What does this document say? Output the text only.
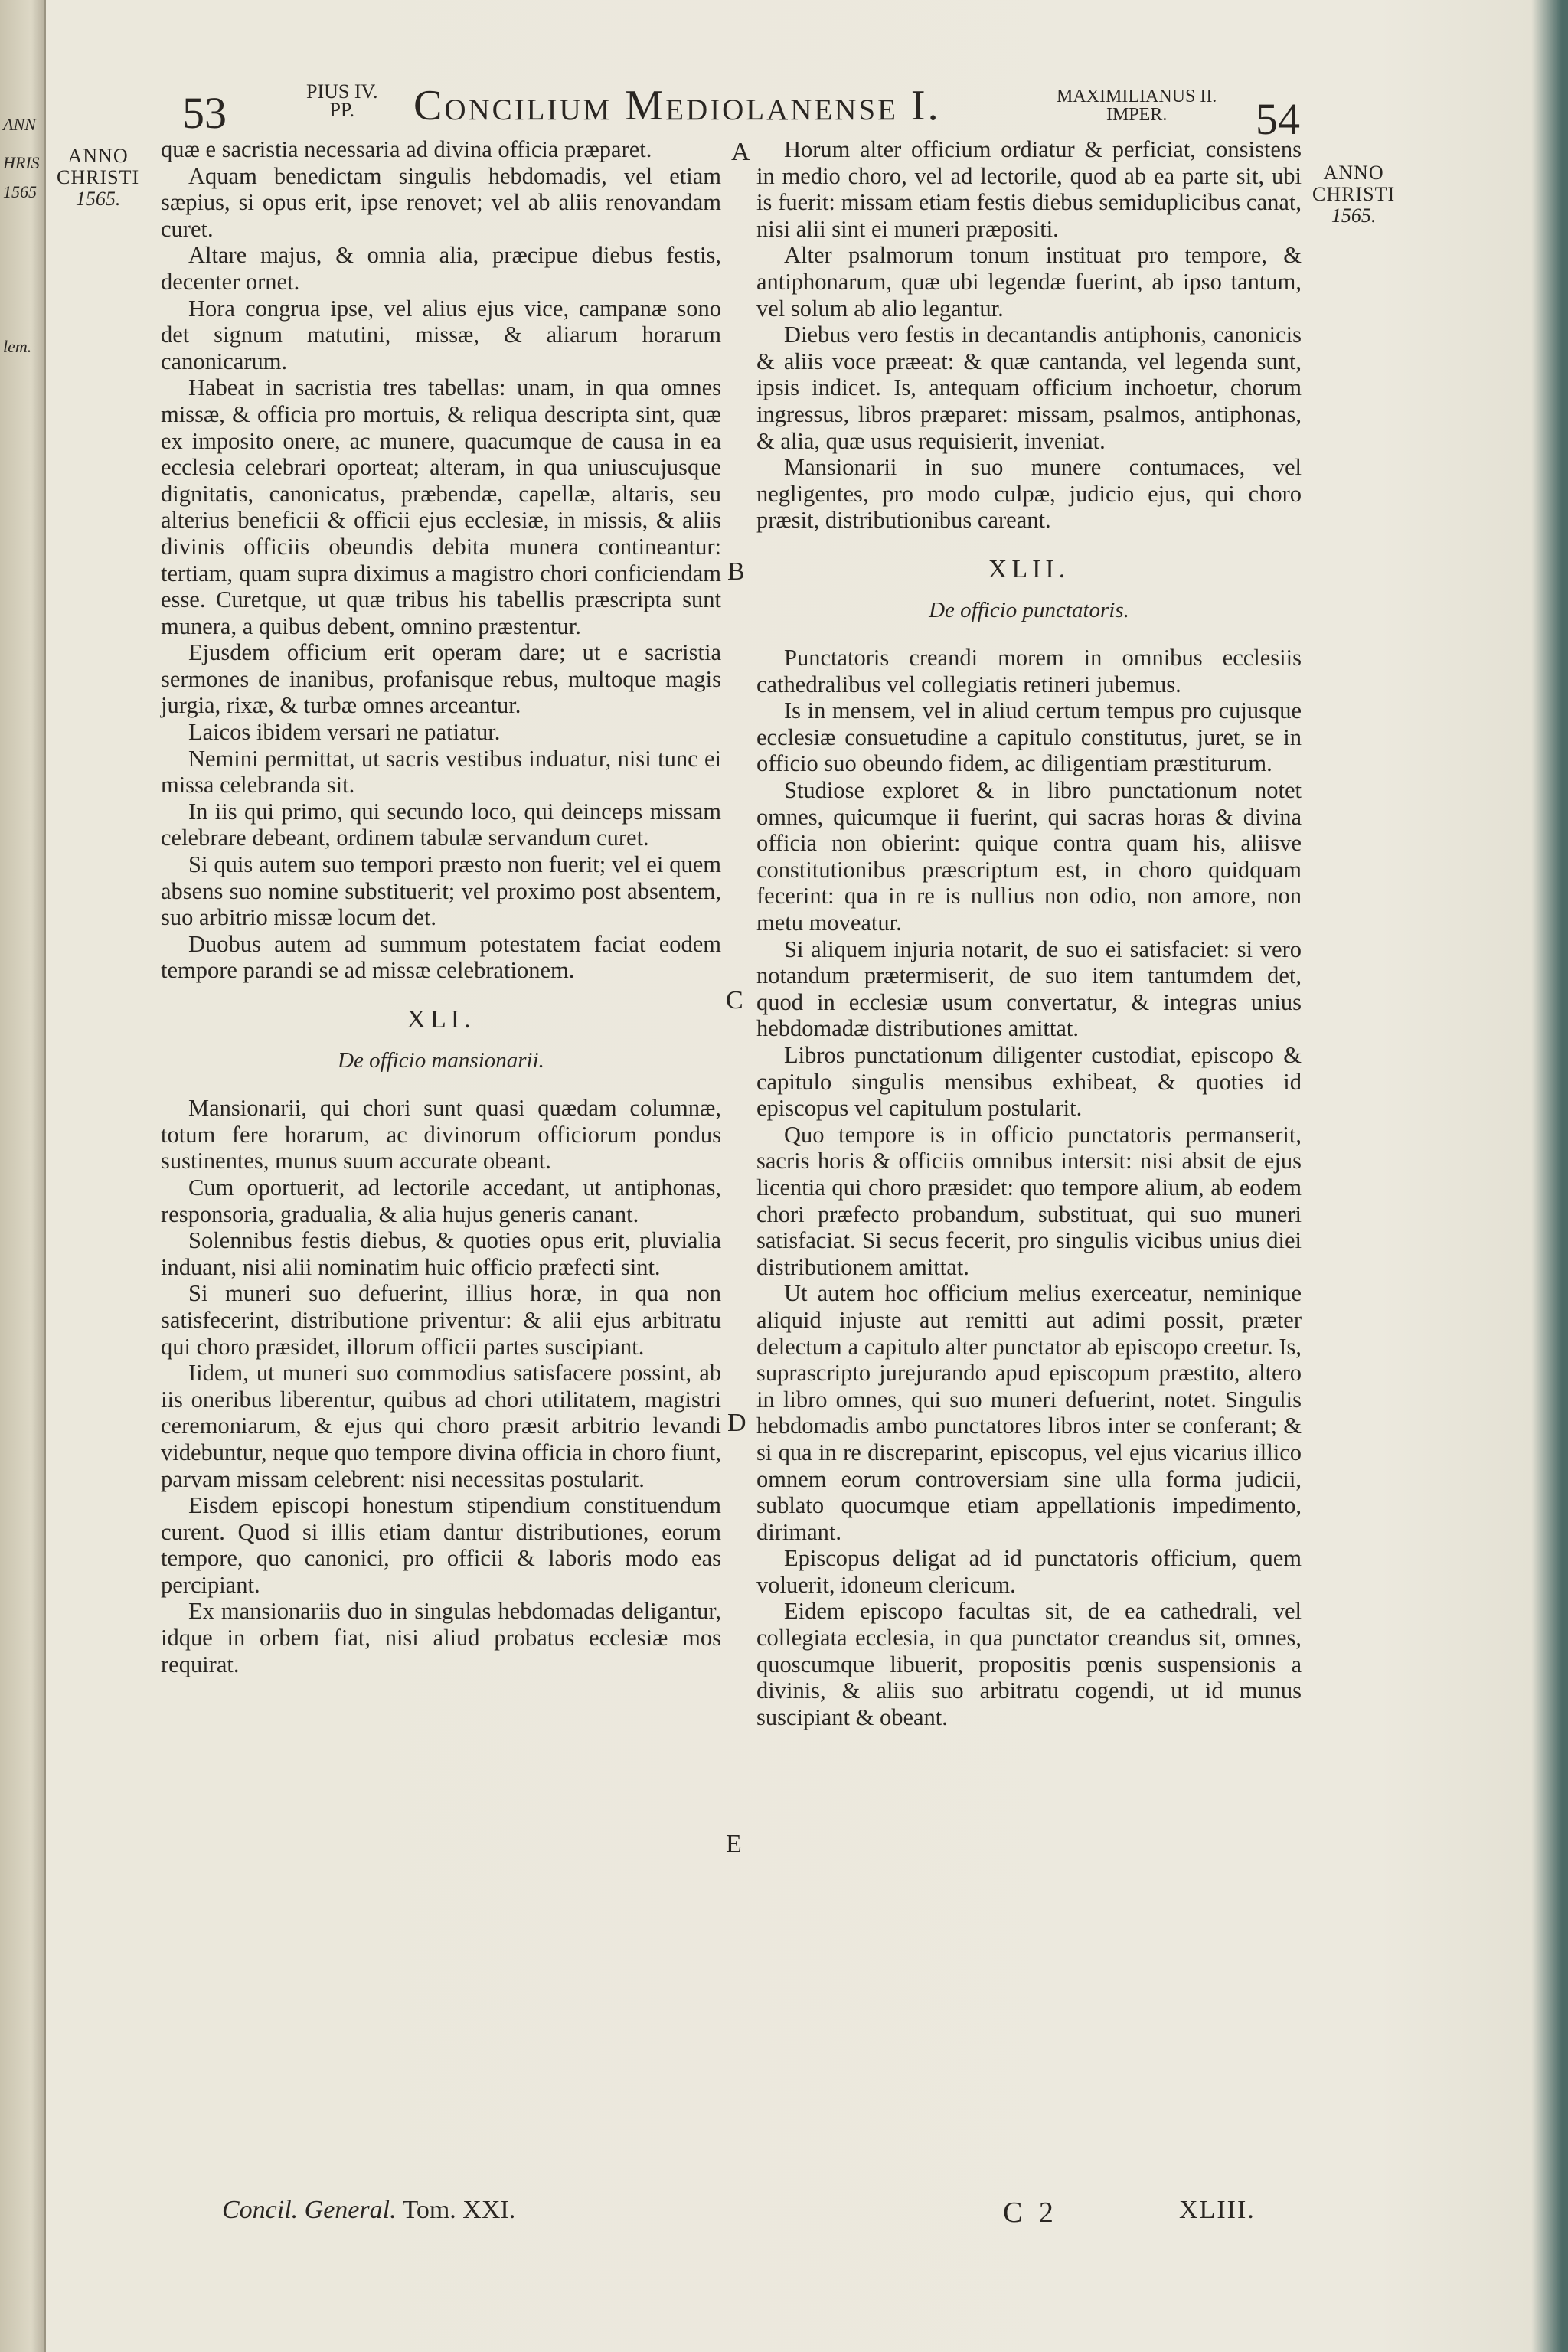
ANN
HRIS
1565
lem.
53	PIUS IV.
PP.	Concilium Mediolanense I.	MAXIMILIANUS II.
IMPER.	54
ANNO
CHRISTI
1565.
ANNO
CHRISTI
1565.
A
B
C
D
E

quæ e sacristia necessaria ad divina officia præparet.

Aquam benedictam singulis hebdomadis, vel etiam sæpius, si opus erit, ipse renovet; vel ab aliis renovandam curet.

Altare majus, & omnia alia, præcipue diebus festis, decenter ornet.

Hora congrua ipse, vel alius ejus vice, campanæ sono det signum matutini, missæ, & aliarum horarum canonicarum.

Habeat in sacristia tres tabellas: unam, in qua omnes missæ, & officia pro mortuis, & reliqua descripta sint, quæ ex imposito onere, ac munere, quacumque de causa in ea ecclesia celebrari oporteat; alteram, in qua uniuscujusque dignitatis, canonicatus, præbendæ, capellæ, altaris, seu alterius beneficii & officii ejus ecclesiæ, in missis, & aliis divinis officiis obeundis debita munera contineantur: tertiam, quam supra diximus a magistro chori conficiendam esse. Curetque, ut quæ tribus his tabellis præscripta sunt munera, a quibus debent, omnino præstentur.

Ejusdem officium erit operam dare; ut e sacristia sermones de inanibus, profanisque rebus, multoque magis jurgia, rixæ, & turbæ omnes arceantur.

Laicos ibidem versari ne patiatur.

Nemini permittat, ut sacris vestibus induatur, nisi tunc ei missa celebranda sit.

In iis qui primo, qui secundo loco, qui deinceps missam celebrare debeant, ordinem tabulæ servandum curet.

Si quis autem suo tempori præsto non fuerit; vel ei quem absens suo nomine substituerit; vel proximo post absentem, suo arbitrio missæ locum det.

Duobus autem ad summum potestatem faciat eodem tempore parandi se ad missæ celebrationem.

XLI.
De officio mansionarii.

Mansionarii, qui chori sunt quasi quædam columnæ, totum fere horarum, ac divinorum officiorum pondus sustinentes, munus suum accurate obeant.

Cum oportuerit, ad lectorile accedant, ut antiphonas, responsoria, gradualia, & alia hujus generis canant.

Solennibus festis diebus, & quoties opus erit, pluvialia induant, nisi alii nominatim huic officio præfecti sint.

Si muneri suo defuerint, illius horæ, in qua non satisfecerint, distributione priventur: & alii ejus arbitratu qui choro præsidet, illorum officii partes suscipiant.

Iidem, ut muneri suo commodius satisfacere possint, ab iis oneribus liberentur, quibus ad chori utilitatem, magistri ceremoniarum, & ejus qui choro præsit arbitrio levandi videbuntur, neque quo tempore divina officia in choro fiunt, parvam missam celebrent: nisi necessitas postularit.

Eisdem episcopi honestum stipendium constituendum curent. Quod si illis etiam dantur distributiones, eorum tempore, quo canonici, pro officii & laboris modo eas percipiant.

Ex mansionariis duo in singulas hebdomadas deligantur, idque in orbem fiat, nisi aliud probatus ecclesiæ mos requirat.

Horum alter officium ordiatur & perficiat, consistens in medio choro, vel ad lectorile, quod ab ea parte sit, ubi is fuerit: missam etiam festis diebus semiduplicibus canat, nisi alii sint ei muneri præpositi.

Alter psalmorum tonum instituat pro tempore, & antiphonarum, quæ ubi legendæ fuerint, ab ipso tantum, vel solum ab alio legantur.

Diebus vero festis in decantandis antiphonis, canonicis & aliis voce præeat: & quæ cantanda, vel legenda sunt, ipsis indicet. Is, antequam officium inchoetur, chorum ingressus, libros præparet: missam, psalmos, antiphonas, & alia, quæ usus requisierit, inveniat.

Mansionarii in suo munere contumaces, vel negligentes, pro modo culpæ, judicio ejus, qui choro præsit, distributionibus careant.

XLII.
De officio punctatoris.

Punctatoris creandi morem in omnibus ecclesiis cathedralibus vel collegiatis retineri jubemus.

Is in mensem, vel in aliud certum tempus pro cujusque ecclesiæ consuetudine a capitulo constitutus, juret, se in officio suo obeundo fidem, ac diligentiam præstiturum.

Studiose exploret & in libro punctationum notet omnes, quicumque ii fuerint, qui sacras horas & divina officia non obierint: quique contra quam his, aliisve constitutionibus præscriptum est, in choro quidquam fecerint: qua in re is nullius non odio, non amore, non metu moveatur.

Si aliquem injuria notarit, de suo ei satisfaciet: si vero notandum prætermiserit, de suo item tantumdem det, quod in ecclesiæ usum convertatur, & integras unius hebdomadæ distributiones amittat.

Libros punctationum diligenter custodiat, episcopo & capitulo singulis mensibus exhibeat, & quoties id episcopus vel capitulum postularit.

Quo tempore is in officio punctatoris permanserit, sacris horis & officiis omnibus intersit: nisi absit de ejus licentia qui choro præsidet: quo tempore alium, ab eodem chori præfecto probandum, substituat, qui suo muneri satisfaciat. Si secus fecerit, pro singulis vicibus unius diei distributionem amittat.

Ut autem hoc officium melius exerceatur, neminique aliquid injuste aut remitti aut adimi possit, præter delectum a capitulo alter punctator ab episcopo creetur. Is, suprascripto jurejurando apud episcopum præstito, altero in libro omnes, qui suo muneri defuerint, notet. Singulis hebdomadis ambo punctatores libros inter se conferant; & si qua in re discreparint, episcopus, vel ejus vicarius illico omnem eorum controversiam sine ulla forma judicii, sublato quocumque etiam appellationis impedimento, dirimant.

Episcopus deligat ad id punctatoris officium, quem voluerit, idoneum clericum.

Eidem episcopo facultas sit, de ea cathedrali, vel collegiata ecclesia, in qua punctator creandus sit, omnes, quoscumque libuerit, propositis pœnis suspensionis a divinis, & aliis suo arbitratu cogendi, ut id munus suscipiant & obeant.

Concil. General. Tom. XXI.	C 2	XLIII.
